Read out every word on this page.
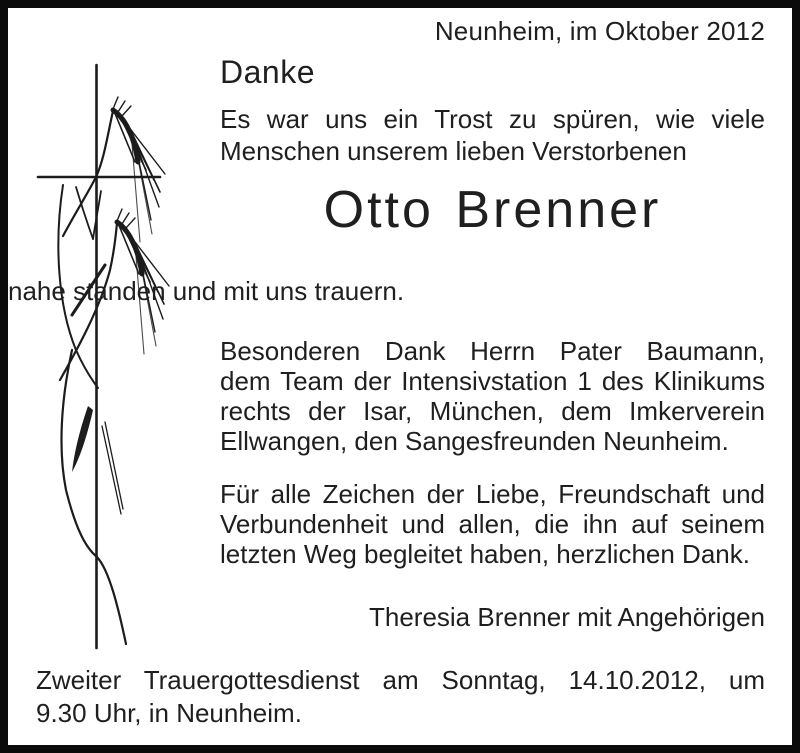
Neunheim, im Oktober 2012
Danke
Es war uns ein Trost zu spüren, wie viele
Menschen unserem lieben Verstorbenen
Otto Brenner
nahe standen und mit uns trauern.
Besonderen Dank Herrn Pater Baumann,
dem Team der Intensivstation 1 des Klinikums
rechts der Isar, München, dem Imkerverein
Ellwangen, den Sangesfreunden Neunheim.
Für alle Zeichen der Liebe, Freundschaft und
Verbundenheit und allen, die ihn auf seinem
letzten Weg begleitet haben, herzlichen Dank.
Theresia Brenner mit Angehörigen
Zweiter Trauergottesdienst am Sonntag, 14.10.2012, um
9.30 Uhr, in Neunheim.
